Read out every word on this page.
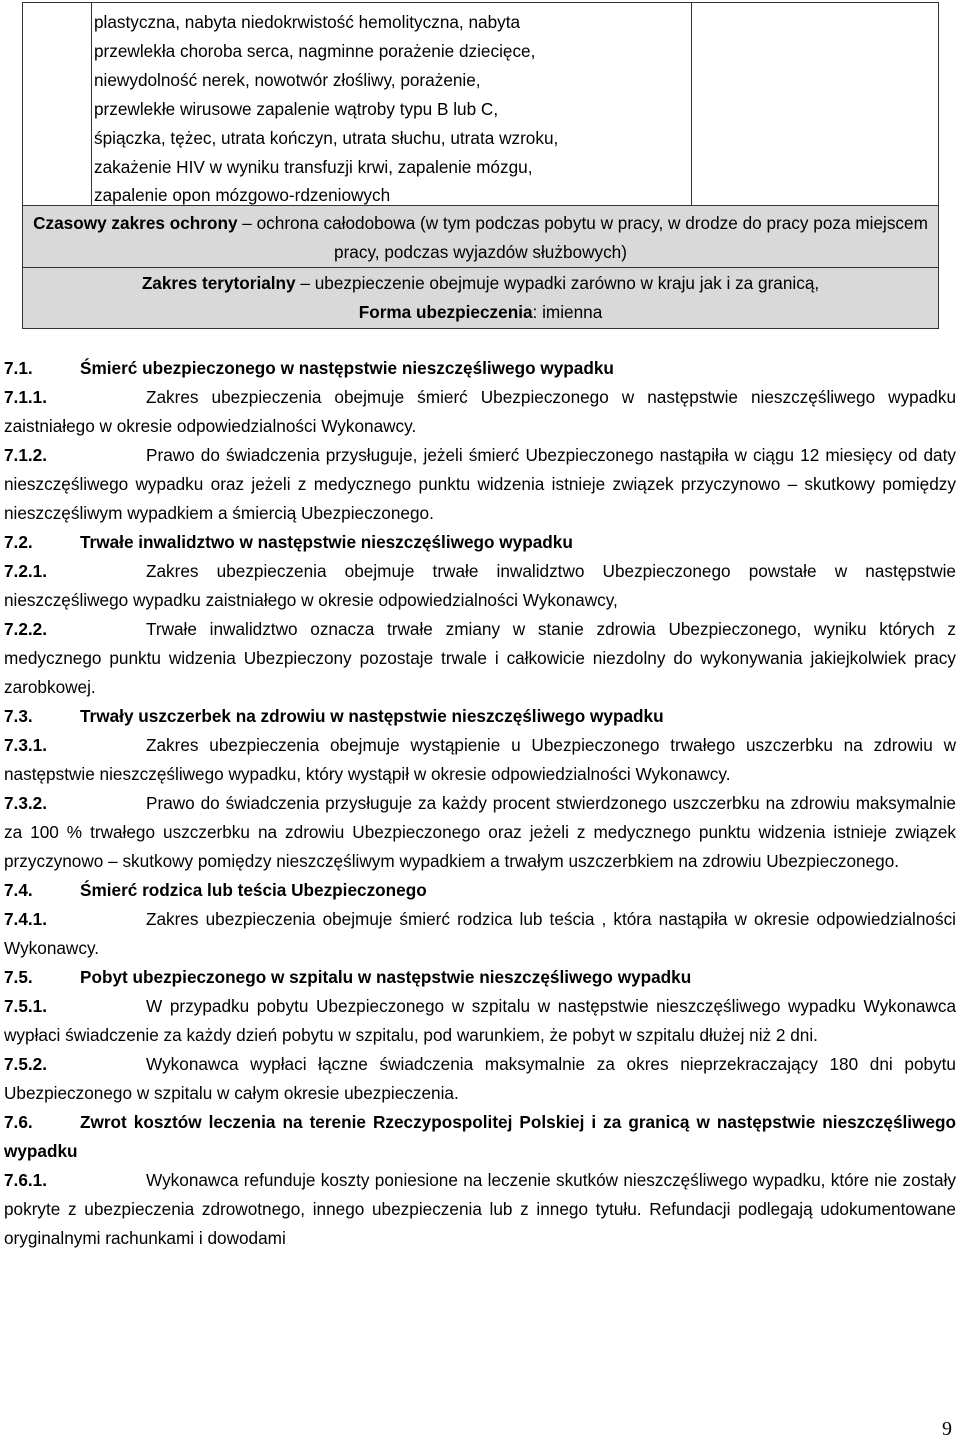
plastyczna, nabyta niedokrwistość hemolityczna, nabyta
przewlekła choroba serca, nagminne porażenie dziecięce,
niewydolność nerek, nowotwór złośliwy, porażenie,
przewlekłe wirusowe zapalenie wątroby typu B lub C,
śpiączka, tężec, utrata kończyn, utrata słuchu, utrata wzroku,
zakażenie HIV w wyniku transfuzji krwi, zapalenie mózgu,
zapalenie opon mózgowo-rdzeniowych
Czasowy zakres ochrony – ochrona całodobowa (w tym podczas pobytu w pracy, w drodze do pracy poza miejscem pracy, podczas wyjazdów służbowych)
Zakres terytorialny – ubezpieczenie obejmuje wypadki zarówno w kraju jak i za granicą,
Forma ubezpieczenia: imienna

7.1.	Śmierć ubezpieczonego w następstwie nieszczęśliwego wypadku

7.1.1.	Zakres ubezpieczenia obejmuje śmierć Ubezpieczonego w następstwie nieszczęśliwego wypadku zaistniałego w okresie odpowiedzialności Wykonawcy.

7.1.2.	Prawo do świadczenia przysługuje, jeżeli śmierć Ubezpieczonego nastąpiła w ciągu 12 miesięcy od daty nieszczęśliwego wypadku oraz jeżeli z medycznego punktu widzenia istnieje związek przyczynowo – skutkowy pomiędzy nieszczęśliwym wypadkiem a śmiercią Ubezpieczonego.

7.2.	Trwałe inwalidztwo w następstwie nieszczęśliwego wypadku

7.2.1.	Zakres ubezpieczenia obejmuje trwałe inwalidztwo Ubezpieczonego powstałe w następstwie nieszczęśliwego wypadku zaistniałego w okresie odpowiedzialności Wykonawcy,

7.2.2.	Trwałe inwalidztwo oznacza trwałe zmiany w stanie zdrowia Ubezpieczonego, wyniku których z medycznego punktu widzenia Ubezpieczony pozostaje trwale i całkowicie niezdolny do wykonywania jakiejkolwiek pracy zarobkowej.

7.3.	Trwały uszczerbek na zdrowiu w następstwie nieszczęśliwego wypadku

7.3.1.	Zakres ubezpieczenia obejmuje wystąpienie u Ubezpieczonego trwałego uszczerbku na zdrowiu w następstwie nieszczęśliwego wypadku, który wystąpił w okresie odpowiedzialności Wykonawcy.

7.3.2.	Prawo do świadczenia przysługuje za każdy procent stwierdzonego uszczerbku na zdrowiu maksymalnie za 100 % trwałego uszczerbku na zdrowiu Ubezpieczonego oraz jeżeli z medycznego punktu widzenia istnieje związek przyczynowo – skutkowy pomiędzy nieszczęśliwym wypadkiem a trwałym uszczerbkiem na zdrowiu Ubezpieczonego.

7.4.	Śmierć rodzica lub teścia Ubezpieczonego

7.4.1.	Zakres ubezpieczenia obejmuje śmierć rodzica lub teścia , która nastąpiła w okresie odpowiedzialności Wykonawcy.

7.5.	Pobyt ubezpieczonego w szpitalu w następstwie nieszczęśliwego wypadku

7.5.1.	W przypadku pobytu Ubezpieczonego w szpitalu w następstwie nieszczęśliwego wypadku Wykonawca wypłaci świadczenie za każdy dzień pobytu w szpitalu, pod warunkiem, że pobyt w szpitalu dłużej niż 2 dni.

7.5.2.	Wykonawca wypłaci łączne świadczenia maksymalnie za okres nieprzekraczający 180 dni pobytu Ubezpieczonego w szpitalu w całym okresie ubezpieczenia.

7.6.	Zwrot kosztów leczenia na terenie Rzeczypospolitej Polskiej i za granicą w następstwie nieszczęśliwego wypadku

7.6.1.	Wykonawca refunduje koszty poniesione na leczenie skutków nieszczęśliwego wypadku, które nie zostały pokryte z ubezpieczenia zdrowotnego, innego ubezpieczenia lub z innego tytułu. Refundacji podlegają udokumentowane oryginalnymi rachunkami i dowodami

9
